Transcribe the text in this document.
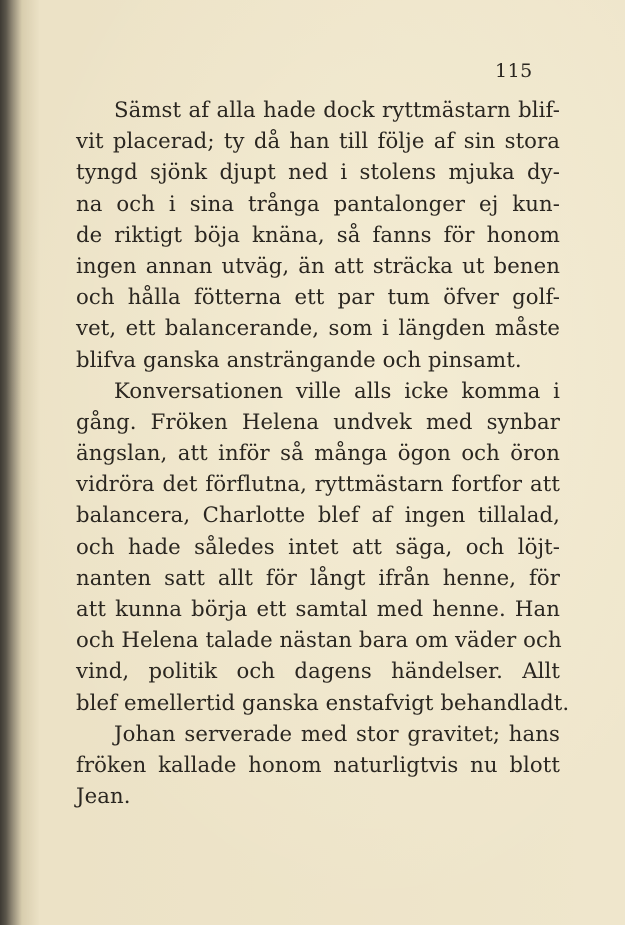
115
Sämst af alla hade dock ryttmästarn blif-
vit placerad; ty då han till följe af sin stora
tyngd sjönk djupt ned i stolens mjuka dy-
na och i sina trånga pantalonger ej kun-
de riktigt böja knäna, så fanns för honom
ingen annan utväg, än att sträcka ut benen
och hålla fötterna ett par tum öfver golf-
vet, ett balancerande, som i längden måste
blifva ganska ansträngande och pinsamt.
Konversationen ville alls icke komma i
gång. Fröken Helena undvek med synbar
ängslan, att inför så många ögon och öron
vidröra det förflutna, ryttmästarn fortfor att
balancera, Charlotte blef af ingen tillalad,
och hade således intet att säga, och löjt-
nanten satt allt för långt ifrån henne, för
att kunna börja ett samtal med henne. Han
och Helena talade nästan bara om väder och
vind, politik och dagens händelser. Allt
blef emellertid ganska enstafvigt behandladt.
Johan serverade med stor gravitet; hans
fröken kallade honom naturligtvis nu blott
Jean.
